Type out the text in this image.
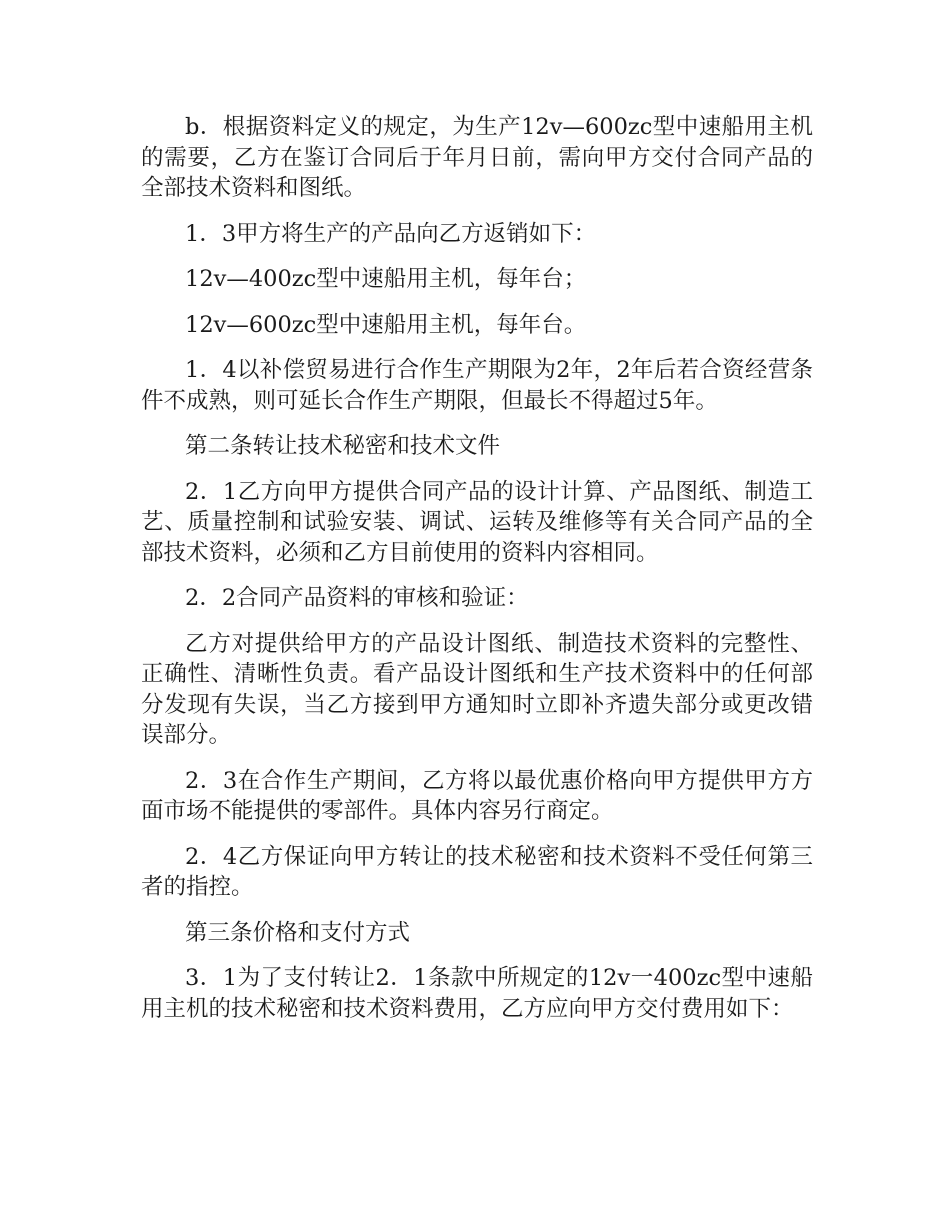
b．根据资料定义的规定，为生产12v—600zc型中速船用主机的需要，乙方在鉴订合同后于年月日前，需向甲方交付合同产品的全部技术资料和图纸。

1．3甲方将生产的产品向乙方返销如下：

12v—400zc型中速船用主机，每年台；

12v—600zc型中速船用主机，每年台。

1．4以补偿贸易进行合作生产期限为2年，2年后若合资经营条件不成熟，则可延长合作生产期限，但最长不得超过5年。

第二条转让技术秘密和技术文件

2．1乙方向甲方提供合同产品的设计计算、产品图纸、制造工艺、质量控制和试验安装、调试、运转及维修等有关合同产品的全部技术资料，必须和乙方目前使用的资料内容相同。

2．2合同产品资料的审核和验证：

乙方对提供给甲方的产品设计图纸、制造技术资料的完整性、正确性、清晰性负责。看产品设计图纸和生产技术资料中的任何部分发现有失误，当乙方接到甲方通知时立即补齐遗失部分或更改错误部分。

2．3在合作生产期间，乙方将以最优惠价格向甲方提供甲方方面市场不能提供的零部件。具体内容另行商定。

2．4乙方保证向甲方转让的技术秘密和技术资料不受任何第三者的指控。

第三条价格和支付方式

3．1为了支付转让2．1条款中所规定的12v一400zc型中速船用主机的技术秘密和技术资料费用，乙方应向甲方交付费用如下：
